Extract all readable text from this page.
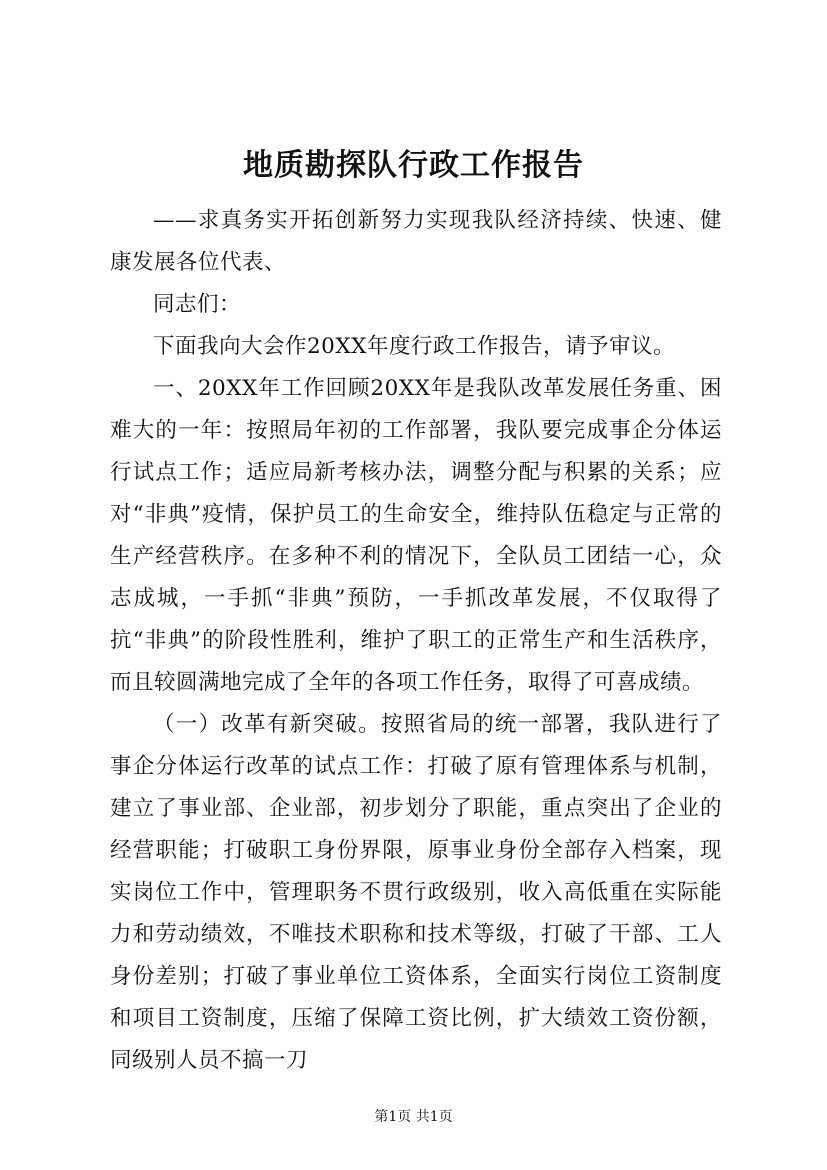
地质勘探队行政工作报告

——求真务实开拓创新努力实现我队经济持续、快速、健康发展各位代表、

同志们：

下面我向大会作20XX年度行政工作报告，请予审议。

一、20XX年工作回顾20XX年是我队改革发展任务重、困难大的一年：按照局年初的工作部署，我队要完成事企分体运行试点工作；适应局新考核办法，调整分配与积累的关系；应对“非典”疫情，保护员工的生命安全，维持队伍稳定与正常的生产经营秩序。在多种不利的情况下，全队员工团结一心，众志成城，一手抓“非典”预防，一手抓改革发展，不仅取得了抗“非典”的阶段性胜利，维护了职工的正常生产和生活秩序，而且较圆满地完成了全年的各项工作任务，取得了可喜成绩。

（一）改革有新突破。按照省局的统一部署，我队进行了事企分体运行改革的试点工作：打破了原有管理体系与机制，建立了事业部、企业部，初步划分了职能，重点突出了企业的经营职能；打破职工身份界限，原事业身份全部存入档案，现实岗位工作中，管理职务不贯行政级别，收入高低重在实际能力和劳动绩效，不唯技术职称和技术等级，打破了干部、工人身份差别；打破了事业单位工资体系，全面实行岗位工资制度和项目工资制度，压缩了保障工资比例，扩大绩效工资份额，同级别人员不搞一刀

第1页 共1页
